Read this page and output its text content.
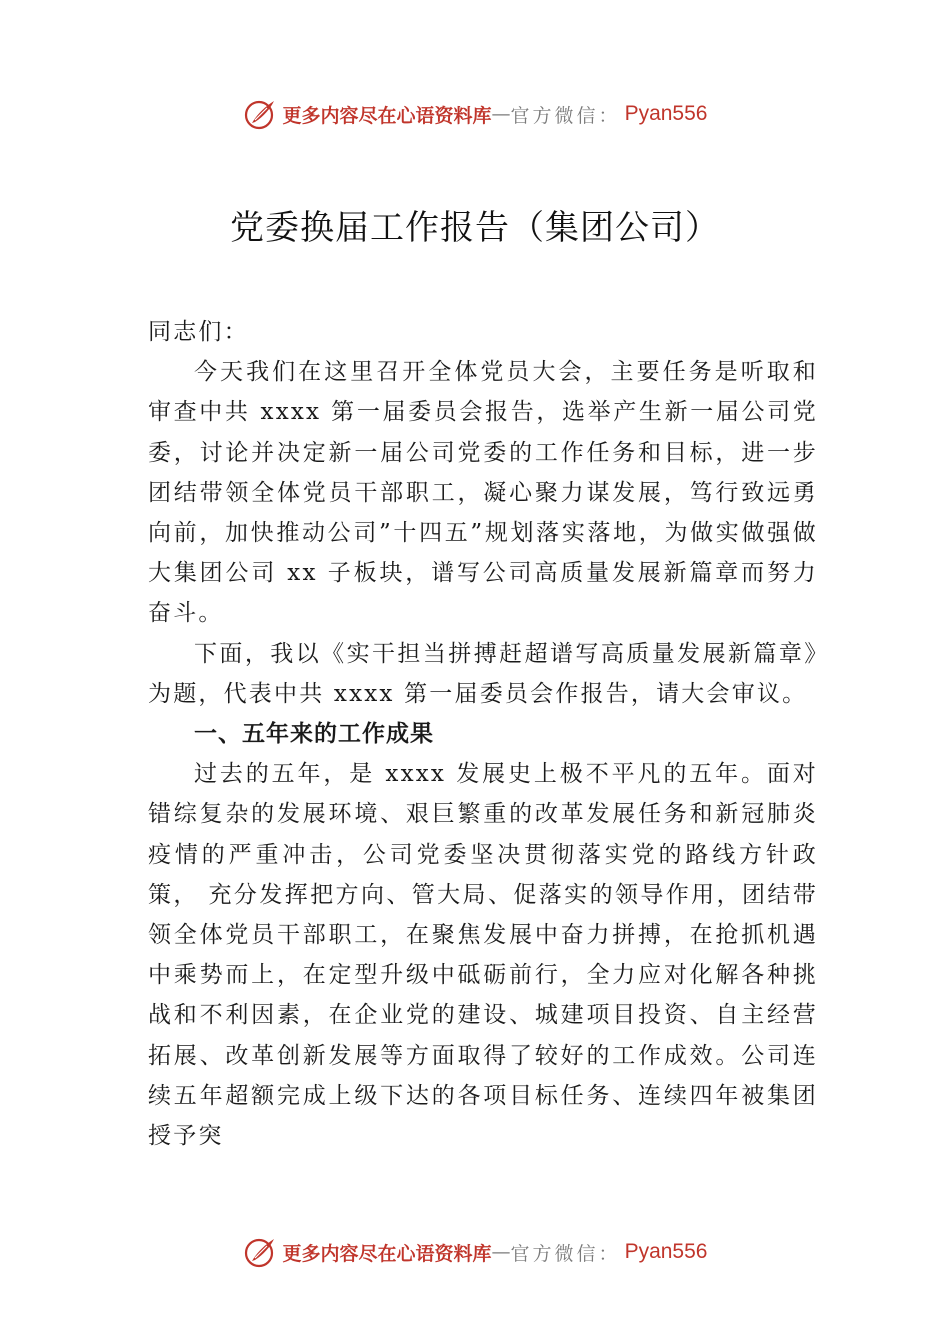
更多内容尽在心语资料库 — 官方微信： Pyan556
党委换届工作报告（集团公司）

同志们：

今天我们在这里召开全体党员大会，主要任务是听取和审查中共 xxxx 第一届委员会报告，选举产生新一届公司党委，讨论并决定新一届公司党委的工作任务和目标，进一步团结带领全体党员干部职工，凝心聚力谋发展，笃行致远勇向前，加快推动公司”十四五”规划落实落地，为做实做强做大集团公司 xx 子板块，谱写公司高质量发展新篇章而努力奋斗。

下面，我以《实干担当拼搏赶超谱写高质量发展新篇章》为题，代表中共 xxxx 第一届委员会作报告，请大会审议。

一、五年来的工作成果

过去的五年，是 xxxx 发展史上极不平凡的五年。面对错综复杂的发展环境、艰巨繁重的改革发展任务和新冠肺炎疫情的严重冲击，公司党委坚决贯彻落实党的路线方针政策， 充分发挥把方向、管大局、促落实的领导作用，团结带领全体党员干部职工，在聚焦发展中奋力拼搏，在抢抓机遇中乘势而上，在定型升级中砥砺前行，全力应对化解各种挑战和不利因素，在企业党的建设、城建项目投资、自主经营拓展、改革创新发展等方面取得了较好的工作成效。公司连续五年超额完成上级下达的各项目标任务、连续四年被集团授予突

更多内容尽在心语资料库 — 官方微信： Pyan556
